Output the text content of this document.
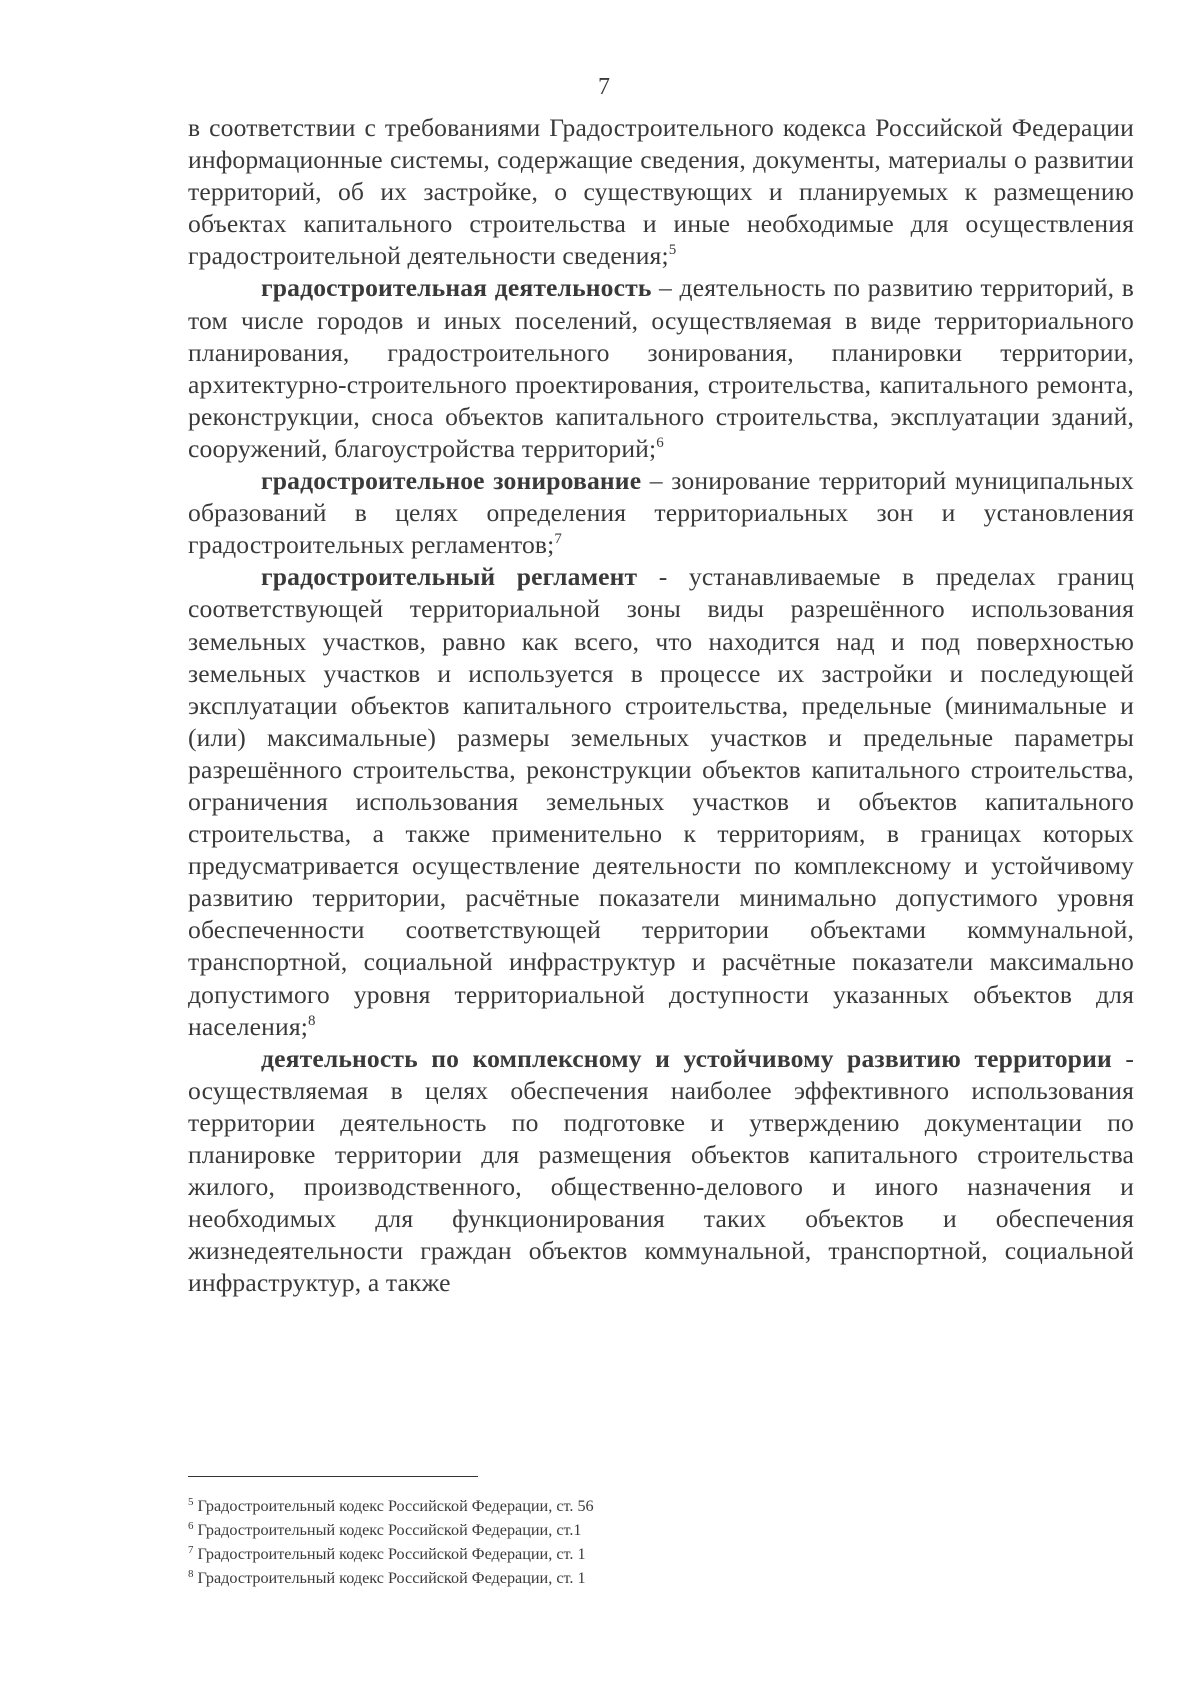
7

в соответствии с требованиями Градостроительного кодекса Российской Федерации информационные системы, содержащие сведения, документы, материалы о развитии территорий, об их застройке, о существующих и планируемых к размещению объектах капитального строительства и иные необходимые для осуществления градостроительной деятельности сведения;$^5$

градостроительная деятельность – деятельность по развитию территорий, в том числе городов и иных поселений, осуществляемая в виде территориального планирования, градостроительного зонирования, планировки территории, архитектурно-строительного проектирования, строительства, капитального ремонта, реконструкции, сноса объектов капитального строительства, эксплуатации зданий, сооружений, благоустройства территорий;$^6$

градостроительное зонирование – зонирование территорий муниципальных образований в целях определения территориальных зон и установления градостроительных регламентов;$^7$

градостроительный регламент - устанавливаемые в пределах границ соответствующей территориальной зоны виды разрешённого использования земельных участков, равно как всего, что находится над и под поверхностью земельных участков и используется в процессе их застройки и последующей эксплуатации объектов капитального строительства, предельные (минимальные и (или) максимальные) размеры земельных участков и предельные параметры разрешённого строительства, реконструкции объектов капитального строительства, ограничения использования земельных участков и объектов капитального строительства, а также применительно к территориям, в границах которых предусматривается осуществление деятельности по комплексному и устойчивому развитию территории, расчётные показатели минимально допустимого уровня обеспеченности соответствующей территории объектами коммунальной, транспортной, социальной инфраструктур и расчётные показатели максимально допустимого уровня территориальной доступности указанных объектов для населения;$^8$

деятельность по комплексному и устойчивому развитию территории - осуществляемая в целях обеспечения наиболее эффективного использования территории деятельность по подготовке и утверждению документации по планировке территории для размещения объектов капитального строительства жилого, производственного, общественно-делового и иного назначения и необходимых для функционирования таких объектов и обеспечения жизнедеятельности граждан объектов коммунальной, транспортной, социальной инфраструктур, а также

$^5$ Градостроительный кодекс Российской Федерации, ст. 56

$^6$ Градостроительный кодекс Российской Федерации, ст.1

$^7$ Градостроительный кодекс Российской Федерации, ст. 1

$^8$ Градостроительный кодекс Российской Федерации, ст. 1
